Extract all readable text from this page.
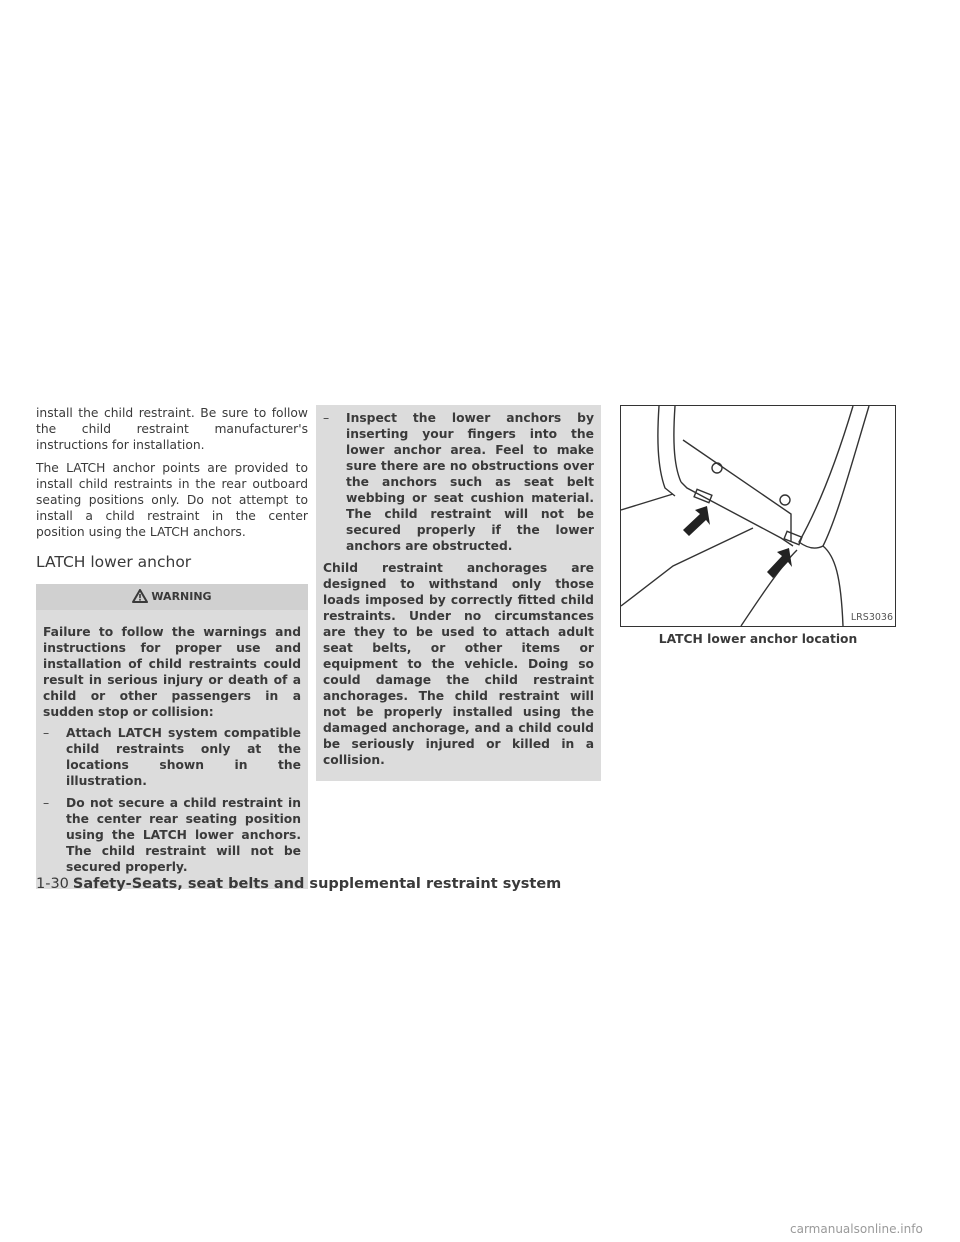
install the child restraint. Be sure to follow the child restraint manufacturer's instructions for installation.

The LATCH anchor points are provided to install child restraints in the rear outboard seating positions only. Do not attempt to install a child restraint in the center position using the LATCH anchors.

LATCH lower anchor
WARNING

Failure to follow the warnings and instructions for proper use and installation of child restraints could result in serious injury or death of a child or other passengers in a sudden stop or collision:

–	Attach LATCH system compatible child restraints only at the locations shown in the illustration.
–	Do not secure a child restraint in the center rear seating position using the LATCH lower anchors. The child restraint will not be secured properly.
–	Inspect the lower anchors by inserting your fingers into the lower anchor area. Feel to make sure there are no obstructions over the anchors such as seat belt webbing or seat cushion material. The child restraint will not be secured properly if the lower anchors are obstructed.

Child restraint anchorages are designed to withstand only those loads imposed by correctly fitted child restraints. Under no circumstances are they to be used to attach adult seat belts, or other items or equipment to the vehicle. Doing so could damage the child restraint anchorages. The child restraint will not be properly installed using the damaged anchorage, and a child could be seriously injured or killed in a collision.

LRS3036
LATCH lower anchor location
1-30 Safety-Seats, seat belts and supplemental restraint system
carmanualsonline.info
